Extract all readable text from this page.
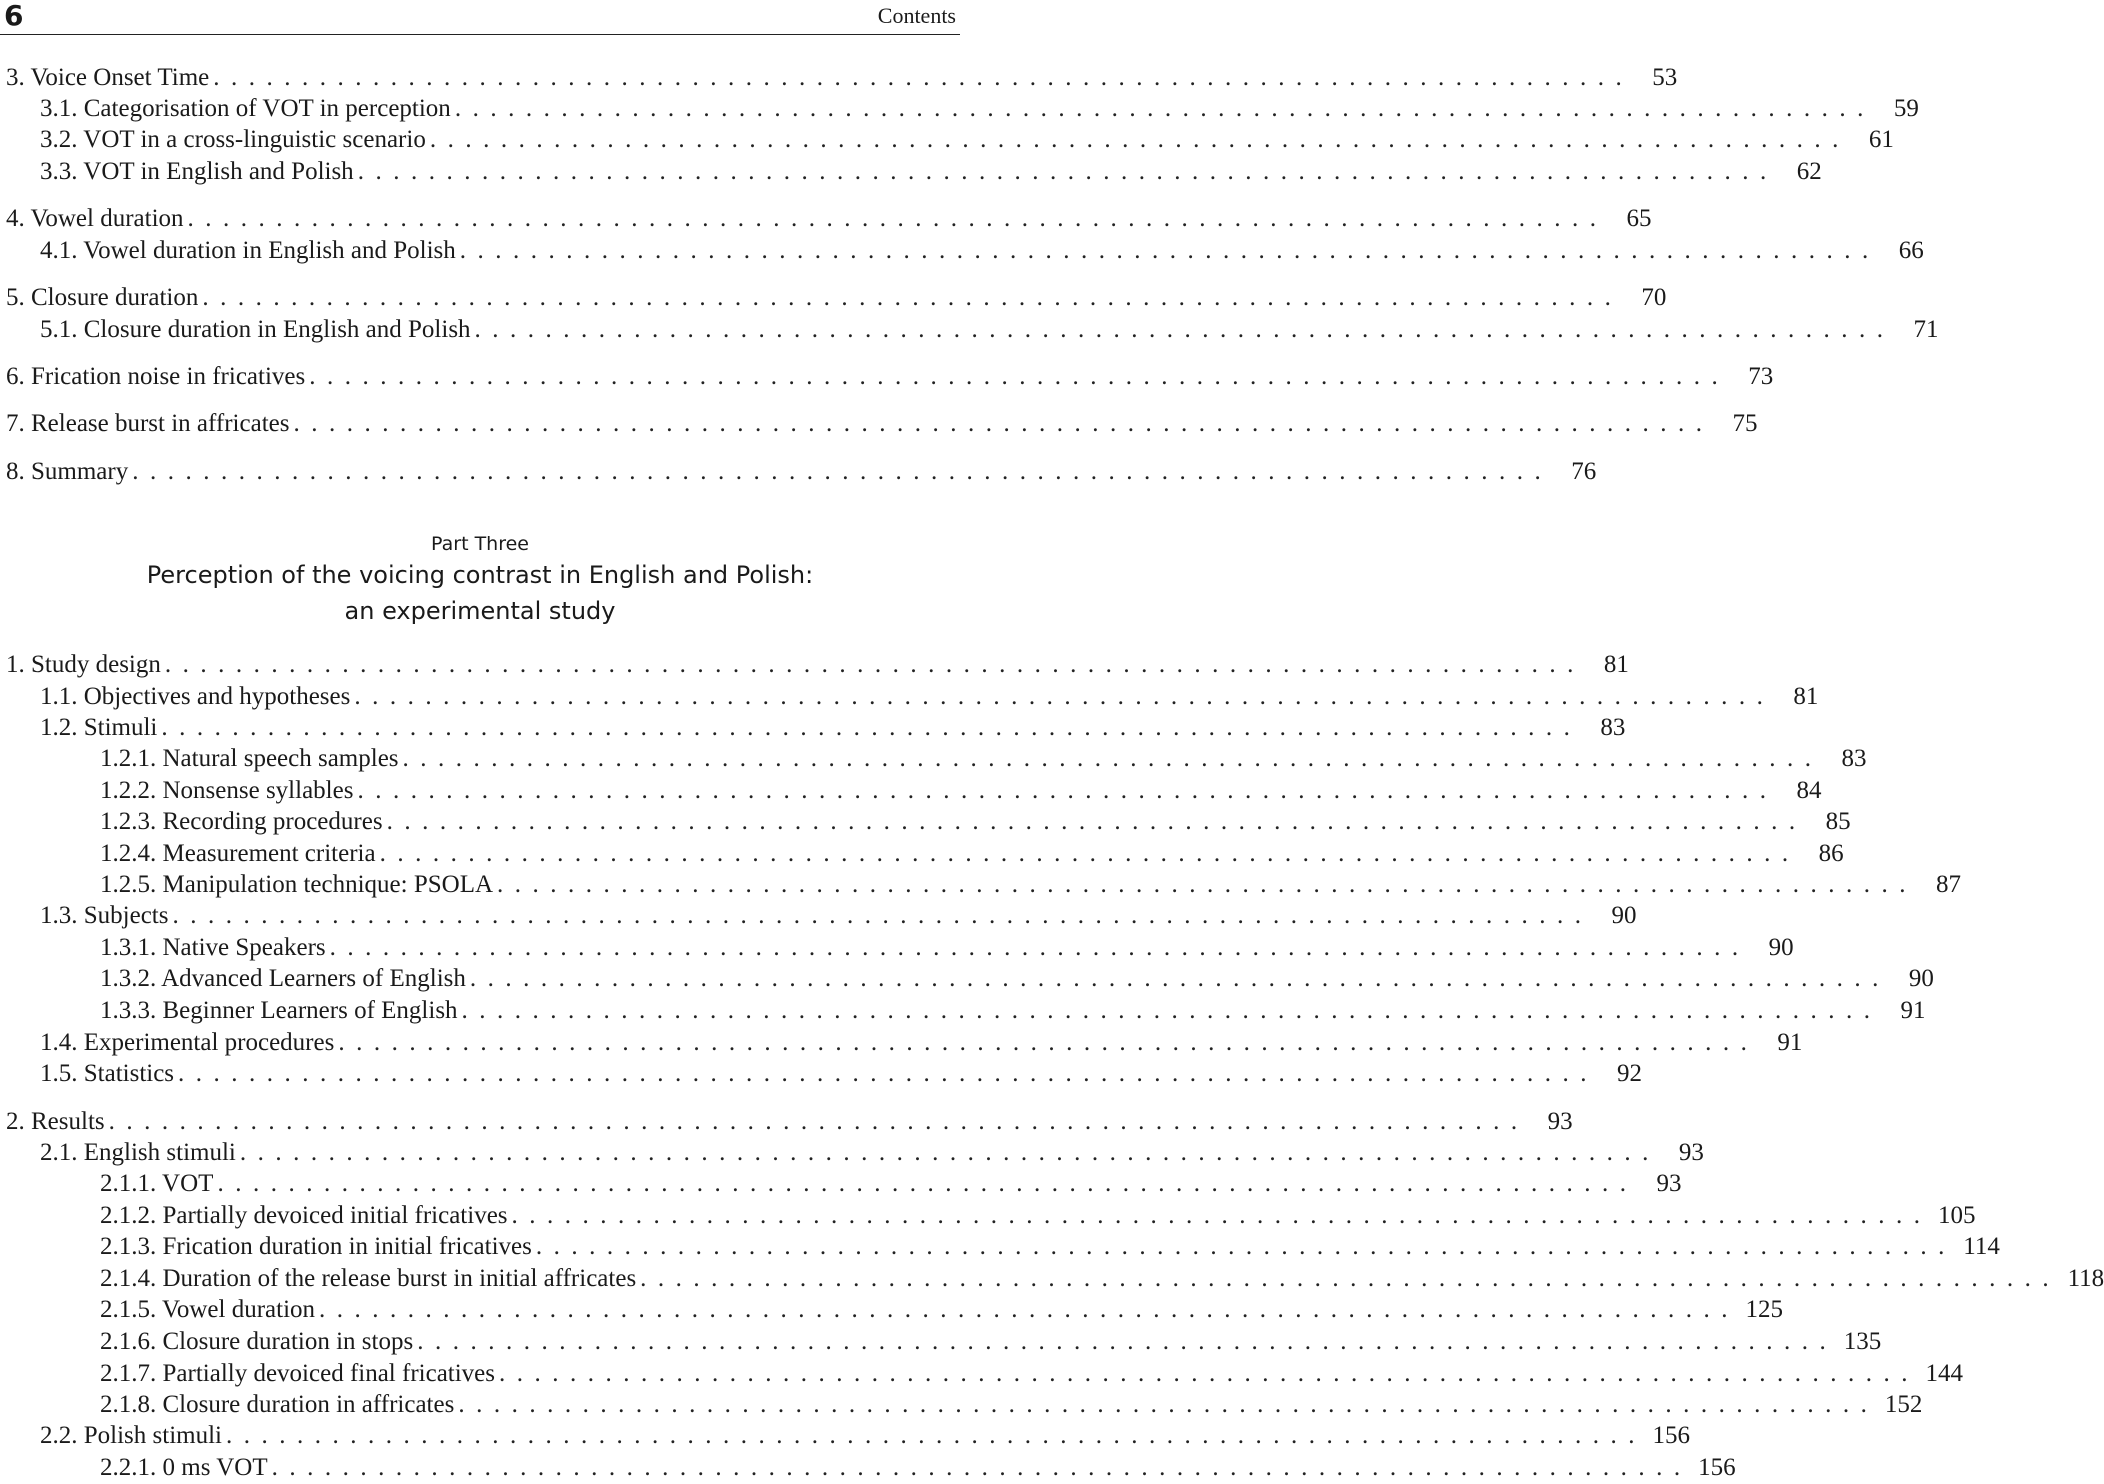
6	Contents
3. Voice Onset Time ................................................................................ 53
3.1. Categorisation of VOT in perception ................................................................................ 59
3.2. VOT in a cross-linguistic scenario ................................................................................ 61
3.3. VOT in English and Polish ................................................................................ 62
4. Vowel duration ................................................................................ 65
4.1. Vowel duration in English and Polish ................................................................................ 66
5. Closure duration ................................................................................ 70
5.1. Closure duration in English and Polish ................................................................................ 71
6. Frication noise in fricatives ................................................................................ 73
7. Release burst in affricates ................................................................................ 75
8. Summary ................................................................................ 76
1. Study design ................................................................................ 81
1.1. Objectives and hypotheses ................................................................................ 81
1.2. Stimuli ................................................................................ 83
1.2.1. Natural speech samples ................................................................................ 83
1.2.2. Nonsense syllables ................................................................................ 84
1.2.3. Recording procedures ................................................................................ 85
1.2.4. Measurement criteria ................................................................................ 86
1.2.5. Manipulation technique: PSOLA ................................................................................ 87
1.3. Subjects ................................................................................ 90
1.3.1. Native Speakers ................................................................................ 90
1.3.2. Advanced Learners of English ................................................................................ 90
1.3.3. Beginner Learners of English ................................................................................ 91
1.4. Experimental procedures ................................................................................ 91
1.5. Statistics ................................................................................ 92
2. Results ................................................................................ 93
2.1. English stimuli ................................................................................ 93
2.1.1. VOT ................................................................................ 93
2.1.2. Partially devoiced initial fricatives ................................................................................ 105
2.1.3. Frication duration in initial fricatives ................................................................................ 114
2.1.4. Duration of the release burst in initial affricates ................................................................................ 118
2.1.5. Vowel duration ................................................................................ 125
2.1.6. Closure duration in stops ................................................................................ 135
2.1.7. Partially devoiced final fricatives ................................................................................ 144
2.1.8. Closure duration in affricates ................................................................................ 152
2.2. Polish stimuli ................................................................................ 156
2.2.1. 0 ms VOT ................................................................................ 156
Part Three
Perception of the voicing contrast in English and Polish:
an experimental study
